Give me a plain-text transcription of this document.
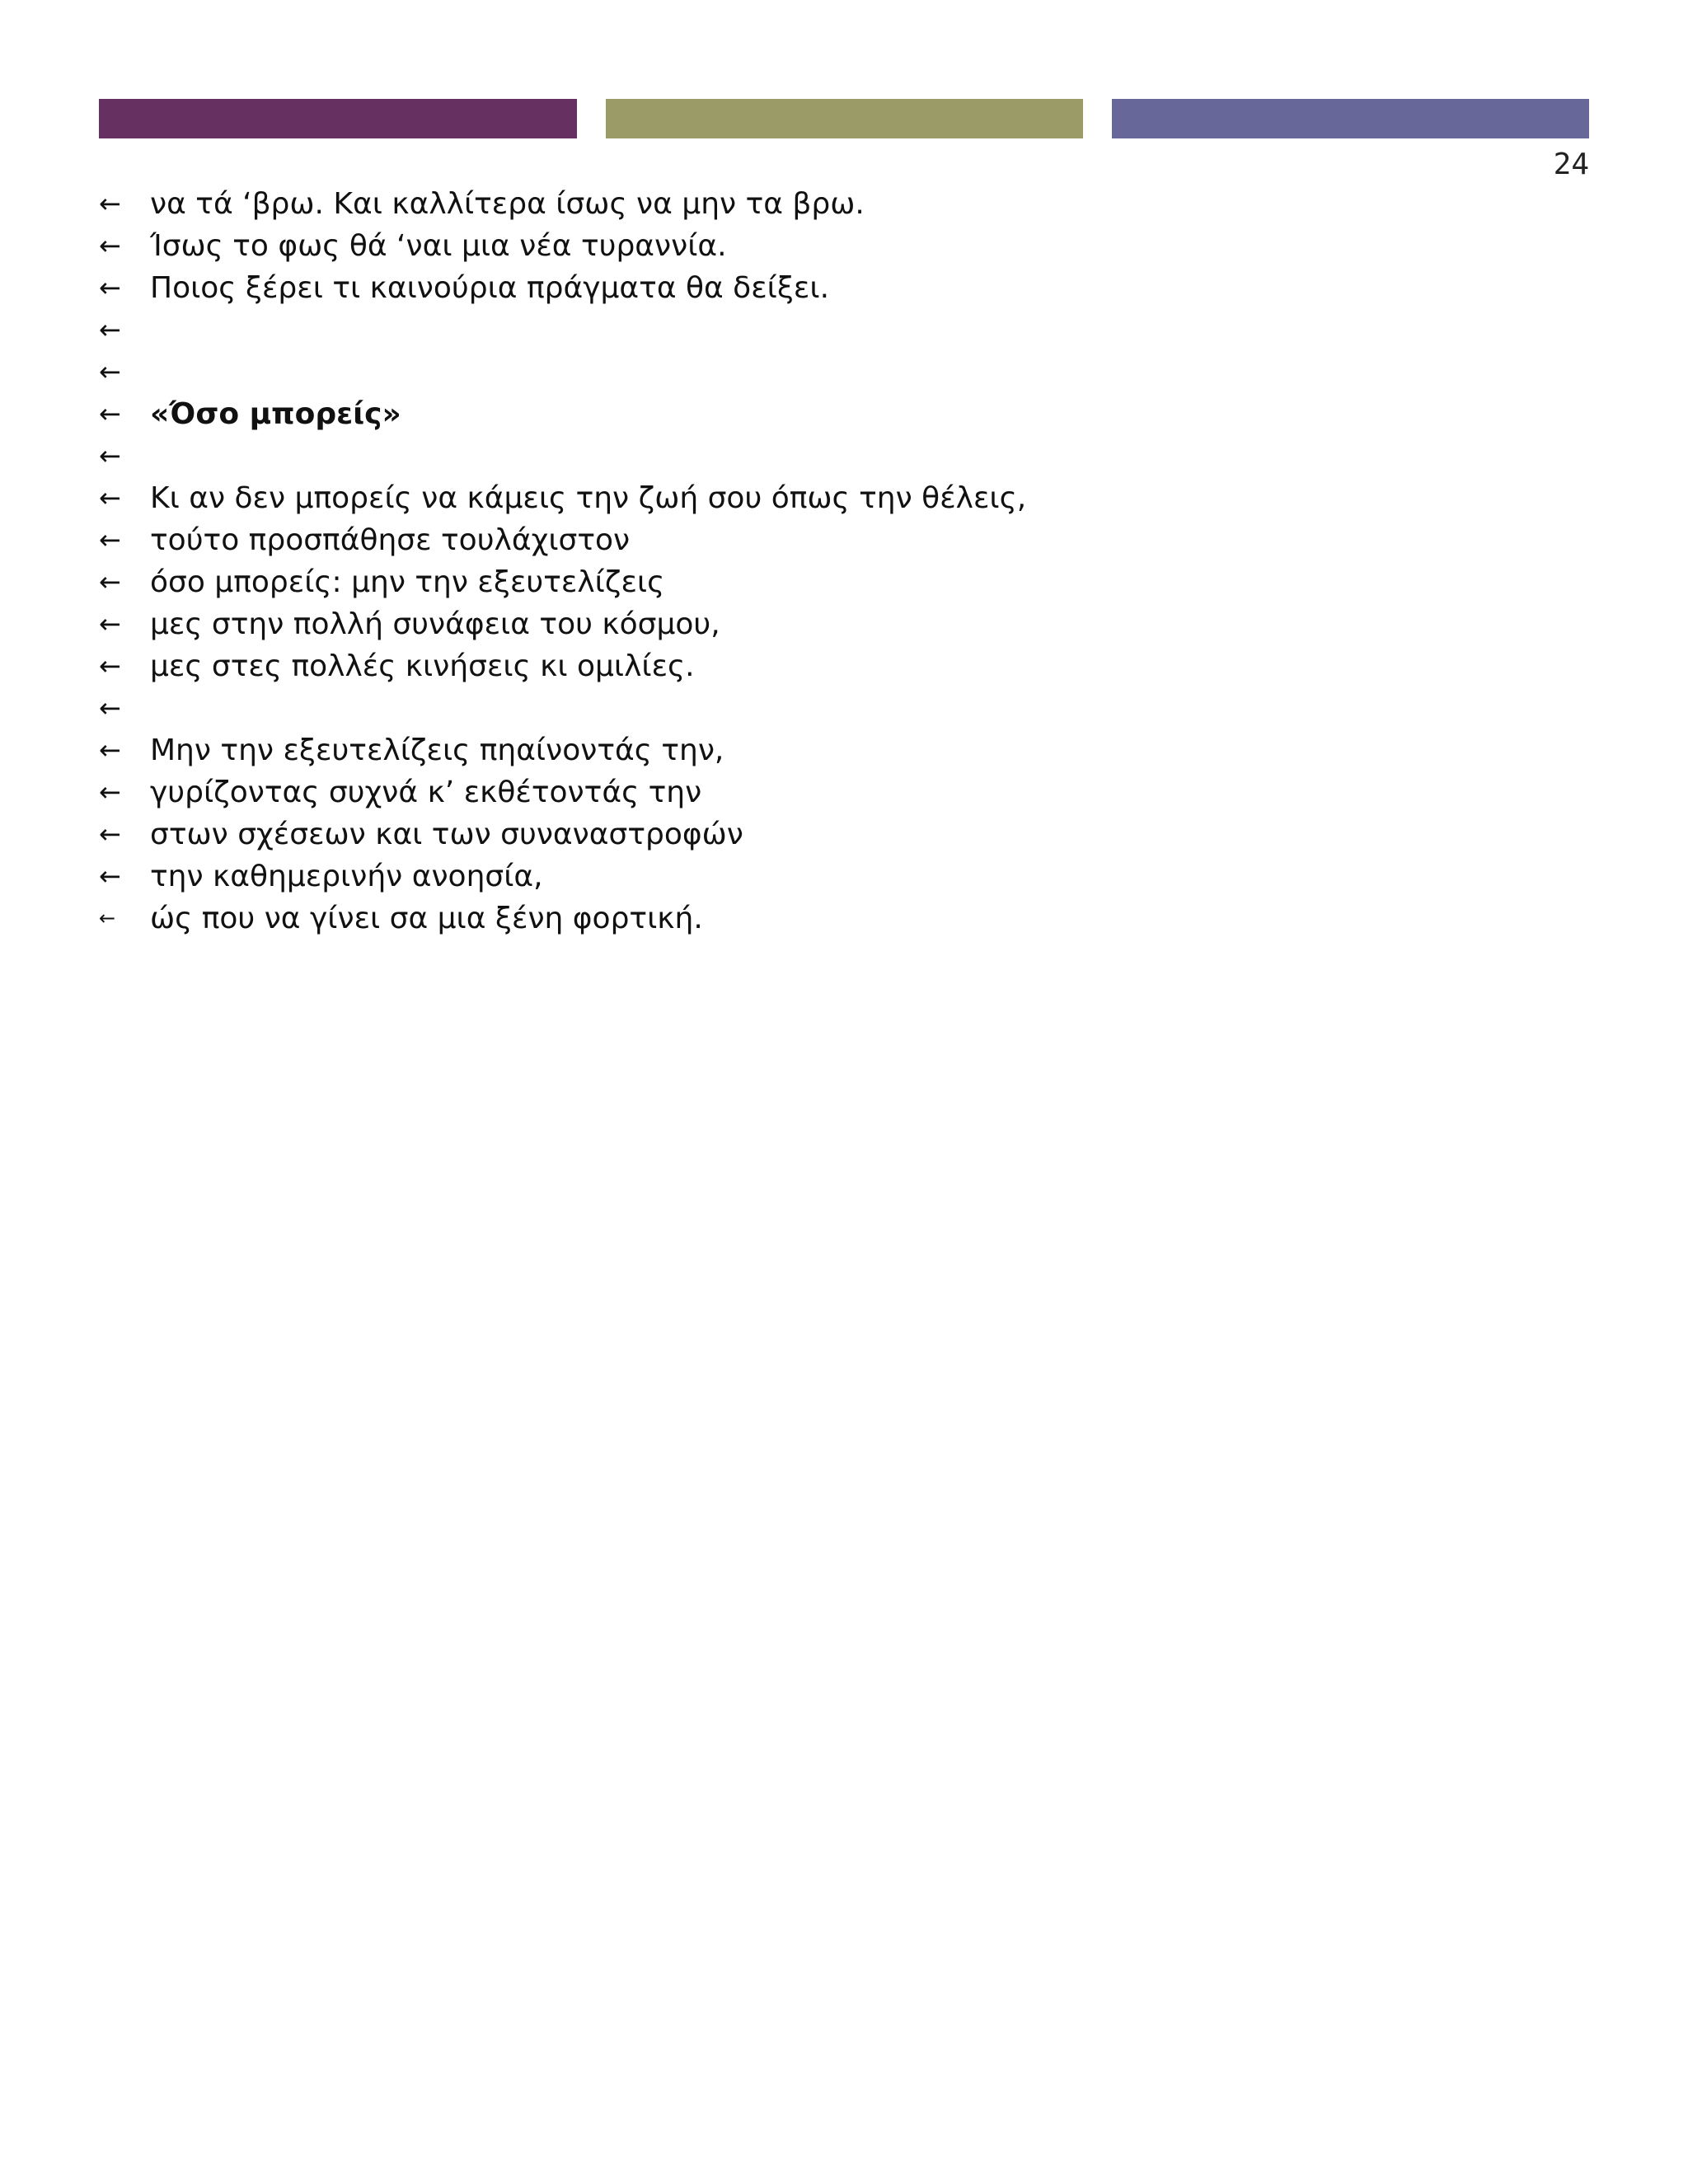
24
← να τά ‘βρω. Και καλλίτερα ίσως να μην τα βρω.
← Ίσως το φως θά ‘ναι μια νέα τυραννία.
← Ποιος ξέρει τι καινούρια πράγματα θα δείξει.
←
←
← «Όσο μπορείς»
←
← Κι αν δεν μπορείς να κάμεις την ζωή σου όπως την θέλεις,
← τούτο προσπάθησε τουλάχιστον
← όσο μπορείς: μην την εξευτελίζεις
← μες στην πολλή συνάφεια του κόσμου,
← μες στες πολλές κινήσεις κι ομιλίες.
←
← Μην την εξευτελίζεις πηαίνοντάς την,
← γυρίζοντας συχνά κ’ εκθέτοντάς την
← στων σχέσεων και των συναναστροφών
← την καθημερινήν ανοησία,
←	ώς που να γίνει σα μια ξένη φορτική.
